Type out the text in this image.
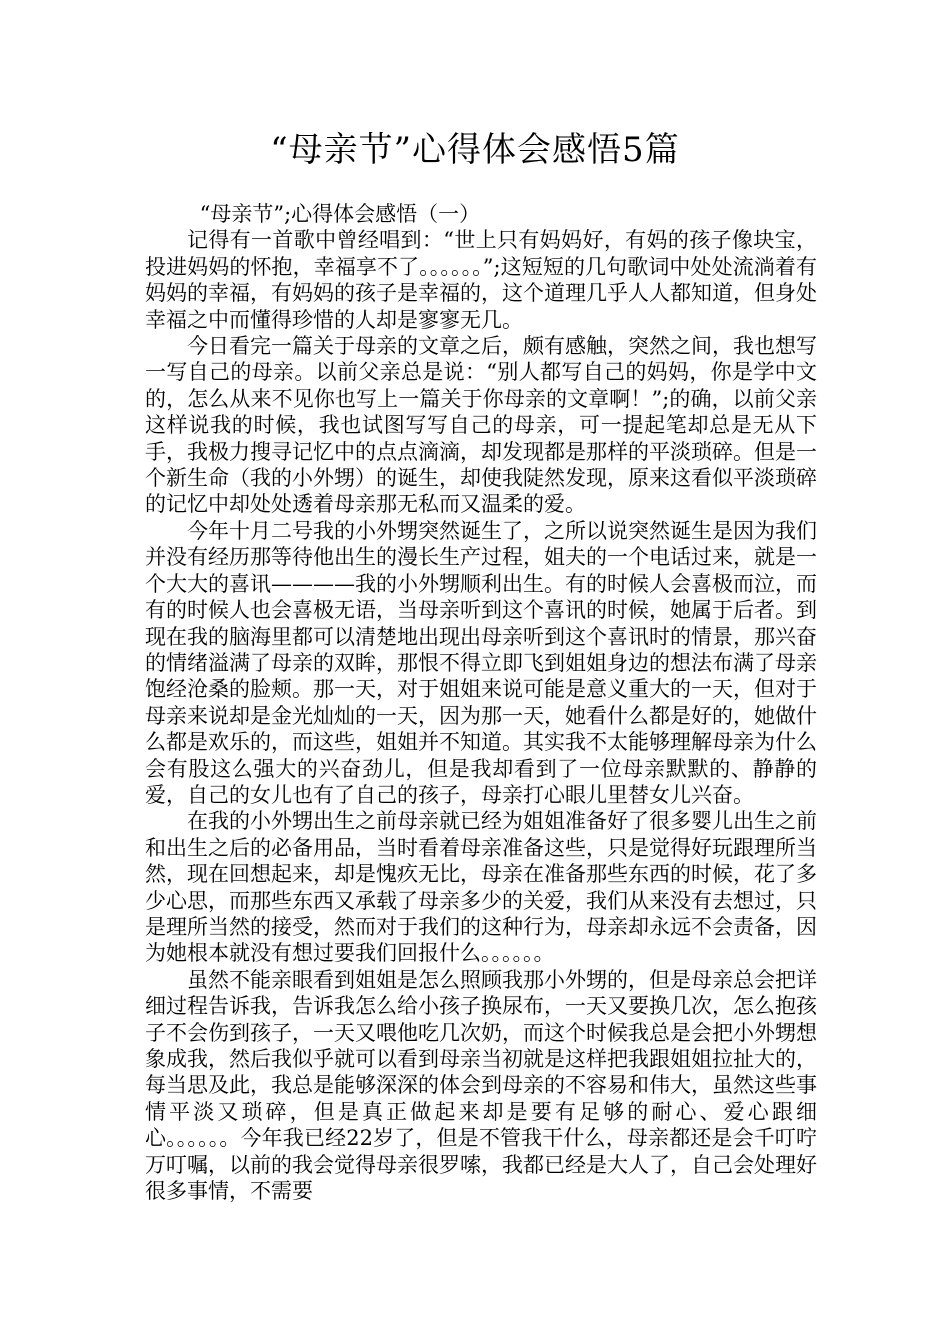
“母亲节”心得体会感悟5篇
“母亲节”;心得体会感悟（一）

记得有一首歌中曾经唱到：“世上只有妈妈好，有妈的孩子像块宝，投进妈妈的怀抱，幸福享不了。。。。。。”;这短短的几句歌词中处处流淌着有妈妈的幸福，有妈妈的孩子是幸福的，这个道理几乎人人都知道，但身处幸福之中而懂得珍惜的人却是寥寥无几。

今日看完一篇关于母亲的文章之后，颇有感触，突然之间，我也想写一写自己的母亲。以前父亲总是说：“别人都写自己的妈妈，你是学中文的，怎么从来不见你也写上一篇关于你母亲的文章啊！”;的确，以前父亲这样说我的时候，我也试图写写自己的母亲，可一提起笔却总是无从下手，我极力搜寻记忆中的点点滴滴，却发现都是那样的平淡琐碎。但是一个新生命（我的小外甥）的诞生，却使我陡然发现，原来这看似平淡琐碎的记忆中却处处透着母亲那无私而又温柔的爱。

今年十月二号我的小外甥突然诞生了，之所以说突然诞生是因为我们并没有经历那等待他出生的漫长生产过程，姐夫的一个电话过来，就是一个大大的喜讯————我的小外甥顺利出生。有的时候人会喜极而泣，而有的时候人也会喜极无语，当母亲听到这个喜讯的时候，她属于后者。到现在我的脑海里都可以清楚地出现出母亲听到这个喜讯时的情景，那兴奋的情绪溢满了母亲的双眸，那恨不得立即飞到姐姐身边的想法布满了母亲饱经沧桑的脸颊。那一天，对于姐姐来说可能是意义重大的一天，但对于母亲来说却是金光灿灿的一天，因为那一天，她看什么都是好的，她做什么都是欢乐的，而这些，姐姐并不知道。其实我不太能够理解母亲为什么会有股这么强大的兴奋劲儿，但是我却看到了一位母亲默默的、静静的爱，自己的女儿也有了自己的孩子，母亲打心眼儿里替女儿兴奋。

在我的小外甥出生之前母亲就已经为姐姐准备好了很多婴儿出生之前和出生之后的必备用品，当时看着母亲准备这些，只是觉得好玩跟理所当然，现在回想起来，却是愧疚无比，母亲在准备那些东西的时候，花了多少心思，而那些东西又承载了母亲多少的关爱，我们从来没有去想过，只是理所当然的接受，然而对于我们的这种行为，母亲却永远不会责备，因为她根本就没有想过要我们回报什么。。。。。。

虽然不能亲眼看到姐姐是怎么照顾我那小外甥的，但是母亲总会把详细过程告诉我，告诉我怎么给小孩子换尿布，一天又要换几次，怎么抱孩子不会伤到孩子，一天又喂他吃几次奶，而这个时候我总是会把小外甥想象成我，然后我似乎就可以看到母亲当初就是这样把我跟姐姐拉扯大的，每当思及此，我总是能够深深的体会到母亲的不容易和伟大，虽然这些事情平淡又琐碎，但是真正做起来却是要有足够的耐心、爱心跟细心。。。。。。今年我已经22岁了，但是不管我干什么，母亲都还是会千叮咛万叮嘱，以前的我会觉得母亲很罗嗦，我都已经是大人了，自己会处理好很多事情，不需要
